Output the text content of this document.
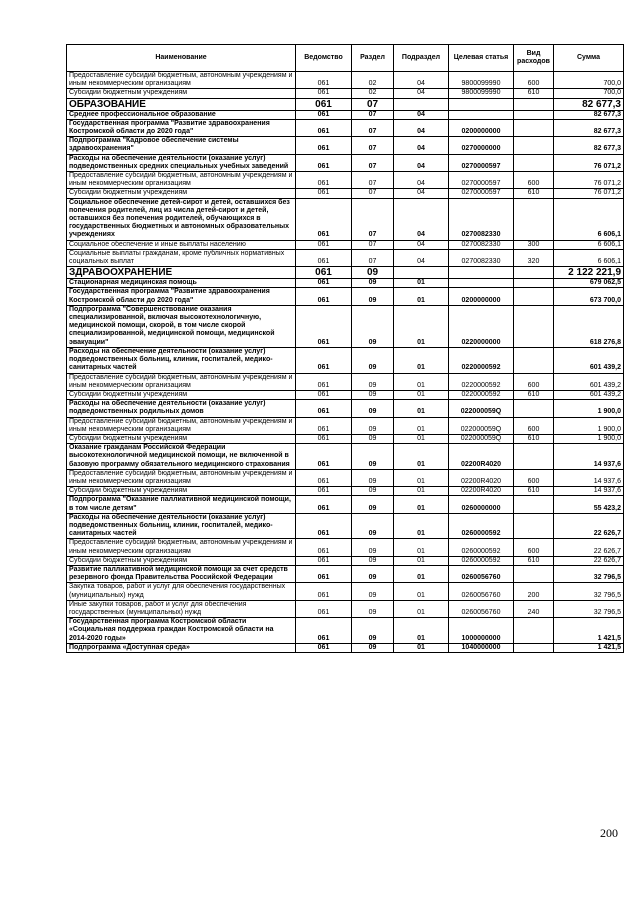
Наименование	Ведомство	Раздел	Подраздел	Целевая статья	Вид расходов	Сумма
Предоставление субсидий бюджетным, автономным учреждениям и иным некоммерческим организациям	061	02	04	9800099990	600	700,0
Субсидии бюджетным учреждениям	061	02	04	9800099990	610	700,0
ОБРАЗОВАНИЕ	061	07				82 677,3
Среднее профессиональное образование	061	07	04			82 677,3
Государственная программа "Развитие здравоохранения Костромской области до 2020 года"	061	07	04	0200000000		82 677,3
Подпрограмма "Кадровое обеспечение системы здравоохранения"	061	07	04	0270000000		82 677,3
Расходы на обеспечение деятельности (оказание услуг) подведомственных средних специальных учебных заведений	061	07	04	0270000597		76 071,2
Предоставление субсидий бюджетным, автономным учреждениям и иным некоммерческим организациям	061	07	04	0270000597	600	76 071,2
Субсидии бюджетным учреждениям	061	07	04	0270000597	610	76 071,2
Социальное обеспечение детей-сирот и детей, оставшихся без попечения родителей, лиц из числа детей-сирот и детей, оставшихся без попечения родителей, обучающихся в государственных бюджетных и автономных образовательных учреждениях	061	07	04	0270082330		6 606,1
Социальное обеспечение и иные выплаты населению	061	07	04	0270082330	300	6 606,1
Социальные выплаты гражданам, кроме публичных нормативных социальных выплат	061	07	04	0270082330	320	6 606,1
ЗДРАВООХРАНЕНИЕ	061	09				2 122 221,9
Стационарная медицинская помощь	061	09	01			679 062,5
Государственная программа "Развитие здравоохранения Костромской области до 2020 года"	061	09	01	0200000000		673 700,0
Подпрограмма "Совершенствование оказания специализированной, включая высокотехнологичную, медицинской помощи, скорой, в том числе скорой специализированной, медицинской помощи, медицинской эвакуации"	061	09	01	0220000000		618 276,8
Расходы на обеспечение деятельности (оказание услуг) подведомственных больниц, клиник, госпиталей, медико-санитарных частей	061	09	01	0220000592		601 439,2
Предоставление субсидий бюджетным, автономным учреждениям и иным некоммерческим организациям	061	09	01	0220000592	600	601 439,2
Субсидии бюджетным учреждениям	061	09	01	0220000592	610	601 439,2
Расходы на обеспечение деятельности (оказание услуг) подведомственных родильных домов	061	09	01	022000059Q		1 900,0
Предоставление субсидий бюджетным, автономным учреждениям и иным некоммерческим организациям	061	09	01	022000059Q	600	1 900,0
Субсидии бюджетным учреждениям	061	09	01	022000059Q	610	1 900,0
Оказание гражданам Российской Федерации высокотехнологичной медицинской помощи, не включенной в базовую программу обязательного медицинского страхования	061	09	01	02200R4020		14 937,6
Предоставление субсидий бюджетным, автономным учреждениям и иным некоммерческим организациям	061	09	01	02200R4020	600	14 937,6
Субсидии бюджетным учреждениям	061	09	01	02200R4020	610	14 937,6
Подпрограмма "Оказание паллиативной медицинской помощи, в том числе детям"	061	09	01	0260000000		55 423,2
Расходы на обеспечение деятельности (оказание услуг) подведомственных больниц, клиник, госпиталей, медико-санитарных частей	061	09	01	0260000592		22 626,7
Предоставление субсидий бюджетным, автономным учреждениям и иным некоммерческим организациям	061	09	01	0260000592	600	22 626,7
Субсидии бюджетным учреждениям	061	09	01	0260000592	610	22 626,7
Развитие паллиативной медицинской помощи за счет средств резервного фонда Правительства Российской Федерации	061	09	01	0260056760		32 796,5
Закупка товаров, работ и услуг для обеспечения государственных (муниципальных) нужд	061	09	01	0260056760	200	32 796,5
Иные закупки товаров, работ и услуг для обеспечения государственных (муниципальных) нужд	061	09	01	0260056760	240	32 796,5
Государственная программа Костромской области «Социальная поддержка граждан Костромской области на 2014-2020 годы»	061	09	01	1000000000		1 421,5
Подпрограмма «Доступная среда»	061	09	01	1040000000		1 421,5
200
